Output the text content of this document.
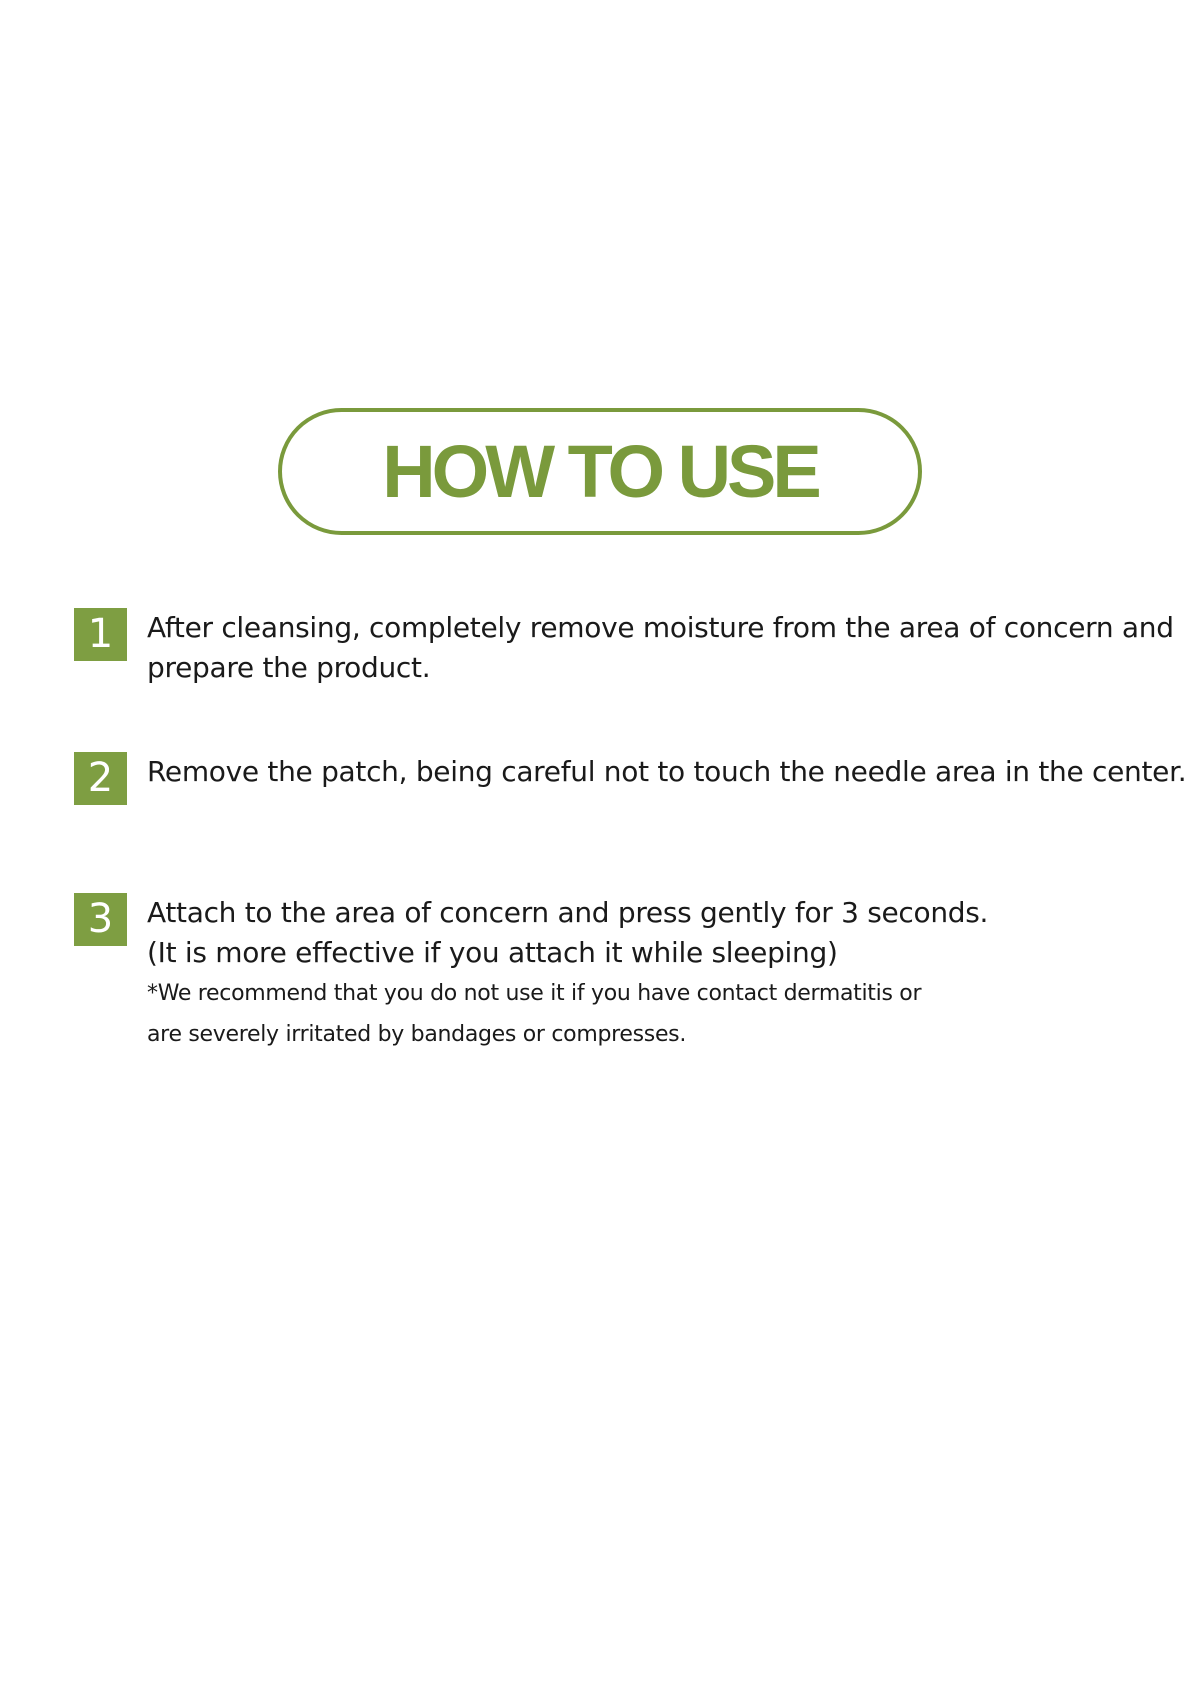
HOW TO USE
1	After cleansing, completely remove moisture from the area of concern and
prepare the product.
2	Remove the patch, being careful not to touch the needle area in the center.
3	Attach to the area of concern and press gently for 3 seconds.
(It is more effective if you attach it while sleeping)
*We recommend that you do not use it if you have contact dermatitis or
are severely irritated by bandages or compresses.
